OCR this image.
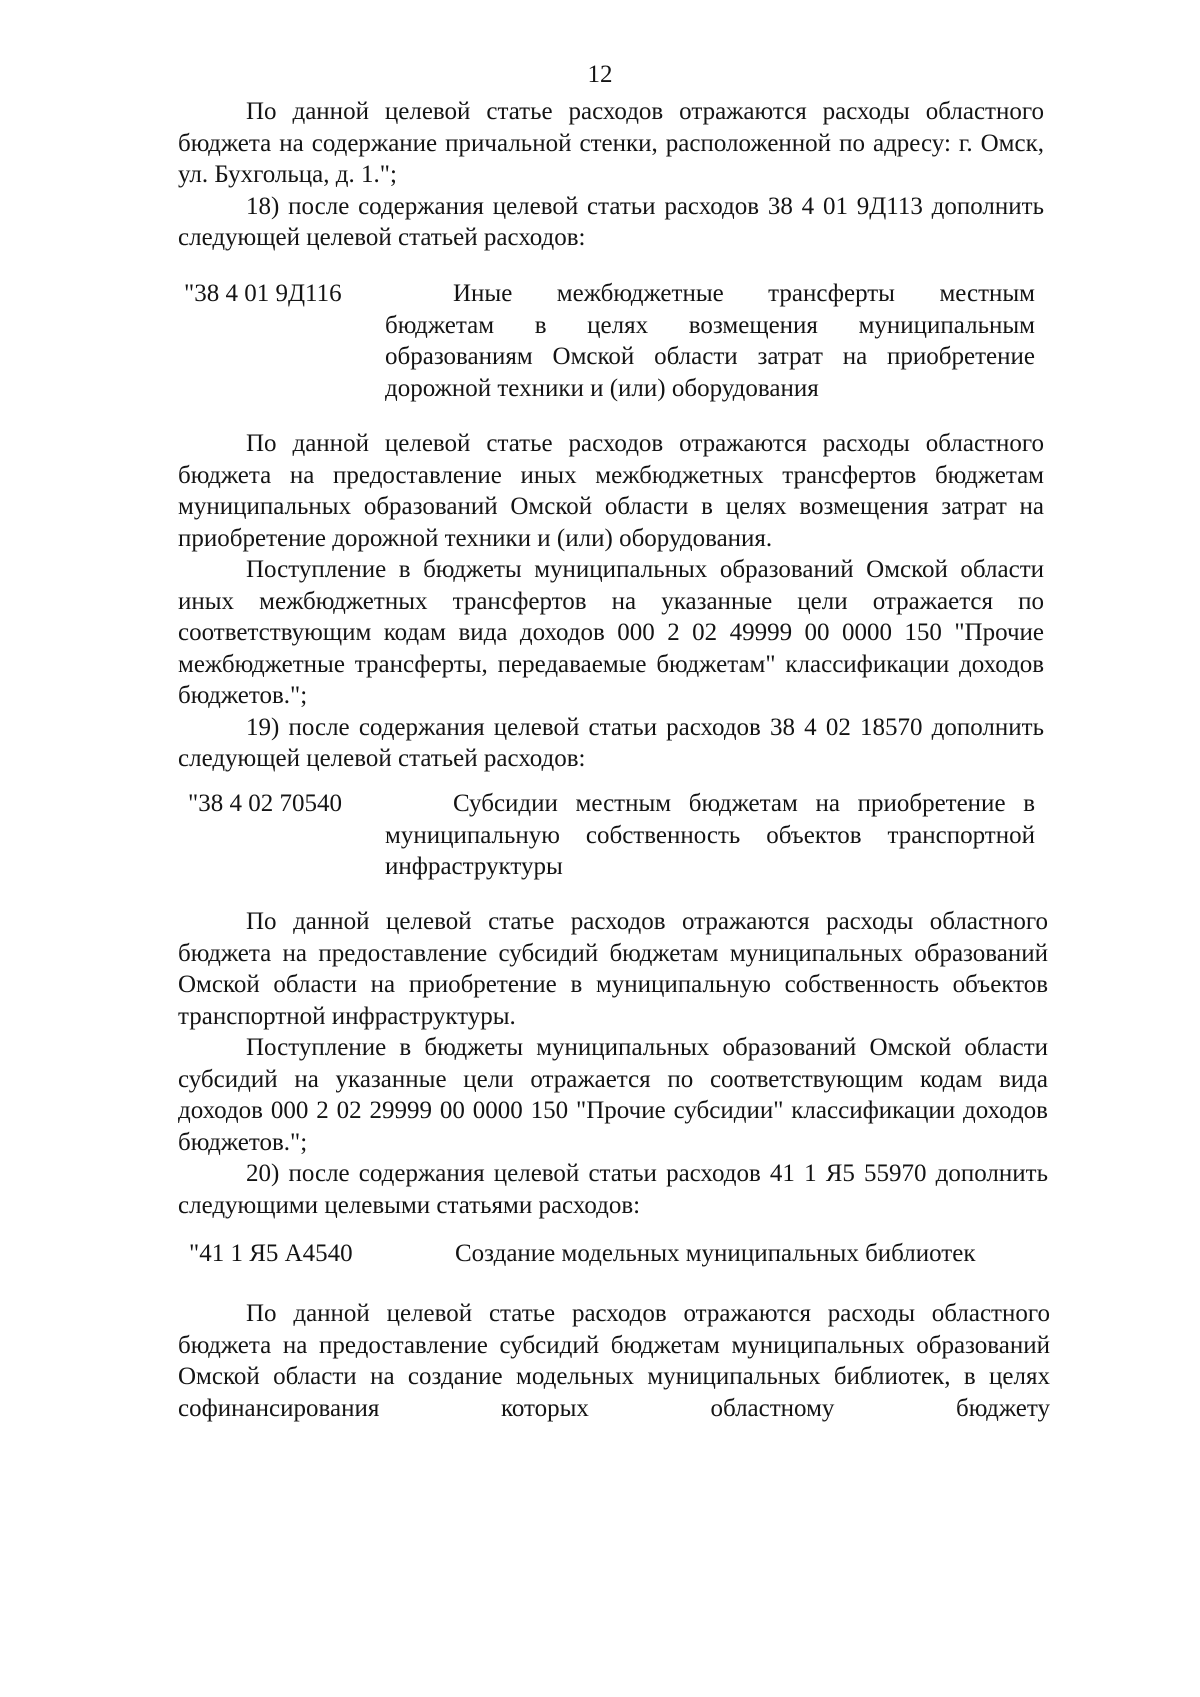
12

По данной целевой статье расходов отражаются расходы областного бюджета на содержание причальной стенки, расположенной по адресу: г. Омск, ул. Бухгольца, д. 1.";

18) после содержания целевой статьи расходов 38 4 01 9Д113 дополнить следующей целевой статьей расходов:

"38 4 01 9Д116	Иные межбюджетные трансферты местным бюджетам в целях возмещения муниципальным образованиям Омской области затрат на приобретение дорожной техники и (или) оборудования

По данной целевой статье расходов отражаются расходы областного бюджета на предоставление иных межбюджетных трансфертов бюджетам муниципальных образований Омской области в целях возмещения затрат на приобретение дорожной техники и (или) оборудования.

Поступление в бюджеты муниципальных образований Омской области иных межбюджетных трансфертов на указанные цели отражается по соответствующим кодам вида доходов 000 2 02 49999 00 0000 150 "Прочие межбюджетные трансферты, передаваемые бюджетам" классификации доходов бюджетов.";

19) после содержания целевой статьи расходов 38 4 02 18570 дополнить следующей целевой статьей расходов:

"38 4 02 70540	Субсидии местным бюджетам на приобретение в муниципальную собственность объектов транспортной инфраструктуры

По данной целевой статье расходов отражаются расходы областного бюджета на предоставление субсидий бюджетам муниципальных образований Омской области на приобретение в муниципальную собственность объектов транспортной инфраструктуры.

Поступление в бюджеты муниципальных образований Омской области субсидий на указанные цели отражается по соответствующим кодам вида доходов 000 2 02 29999 00 0000 150 "Прочие субсидии" классификации доходов бюджетов.";

20) после содержания целевой статьи расходов 41 1 Я5 55970 дополнить следующими целевыми статьями расходов:

"41 1 Я5 А4540	Создание модельных муниципальных библиотек

По данной целевой статье расходов отражаются расходы областного бюджета на предоставление субсидий бюджетам муниципальных образований Омской области на создание модельных муниципальных библиотек, в целях софинансирования которых областному бюджету
